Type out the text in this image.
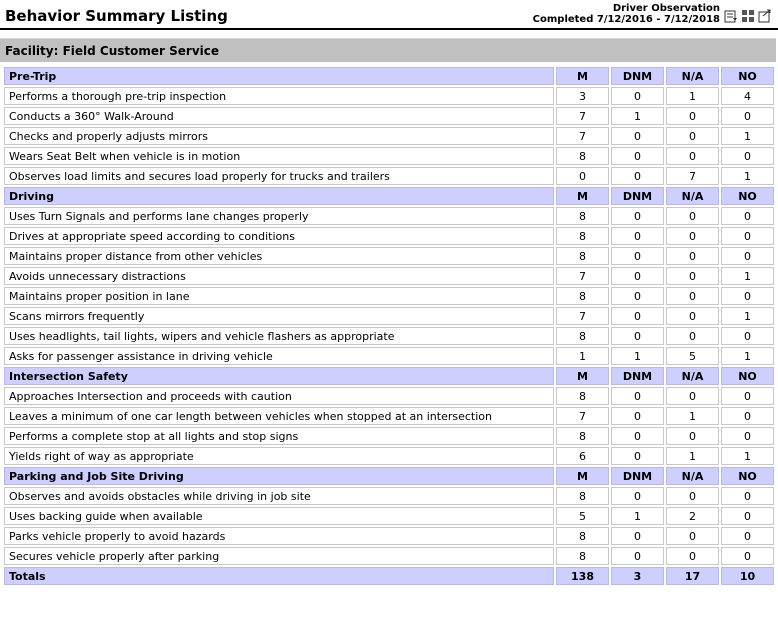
Behavior Summary Listing	Driver Observation
Completed 7/12/2016 - 7/12/2018
Facility: Field Customer Service
Pre-Trip	M	DNM	N/A	NO
Performs a thorough pre-trip inspection	3	0	1	4
Conducts a 360° Walk-Around	7	1	0	0
Checks and properly adjusts mirrors	7	0	0	1
Wears Seat Belt when vehicle is in motion	8	0	0	0
Observes load limits and secures load properly for trucks and trailers	0	0	7	1
Driving	M	DNM	N/A	NO
Uses Turn Signals and performs lane changes properly	8	0	0	0
Drives at appropriate speed according to conditions	8	0	0	0
Maintains proper distance from other vehicles	8	0	0	0
Avoids unnecessary distractions	7	0	0	1
Maintains proper position in lane	8	0	0	0
Scans mirrors frequently	7	0	0	1
Uses headlights, tail lights, wipers and vehicle flashers as appropriate	8	0	0	0
Asks for passenger assistance in driving vehicle	1	1	5	1
Intersection Safety	M	DNM	N/A	NO
Approaches Intersection and proceeds with caution	8	0	0	0
Leaves a minimum of one car length between vehicles when stopped at an intersection	7	0	1	0
Performs a complete stop at all lights and stop signs	8	0	0	0
Yields right of way as appropriate	6	0	1	1
Parking and Job Site Driving	M	DNM	N/A	NO
Observes and avoids obstacles while driving in job site	8	0	0	0
Uses backing guide when available	5	1	2	0
Parks vehicle properly to avoid hazards	8	0	0	0
Secures vehicle properly after parking	8	0	0	0
Totals	138	3	17	10
